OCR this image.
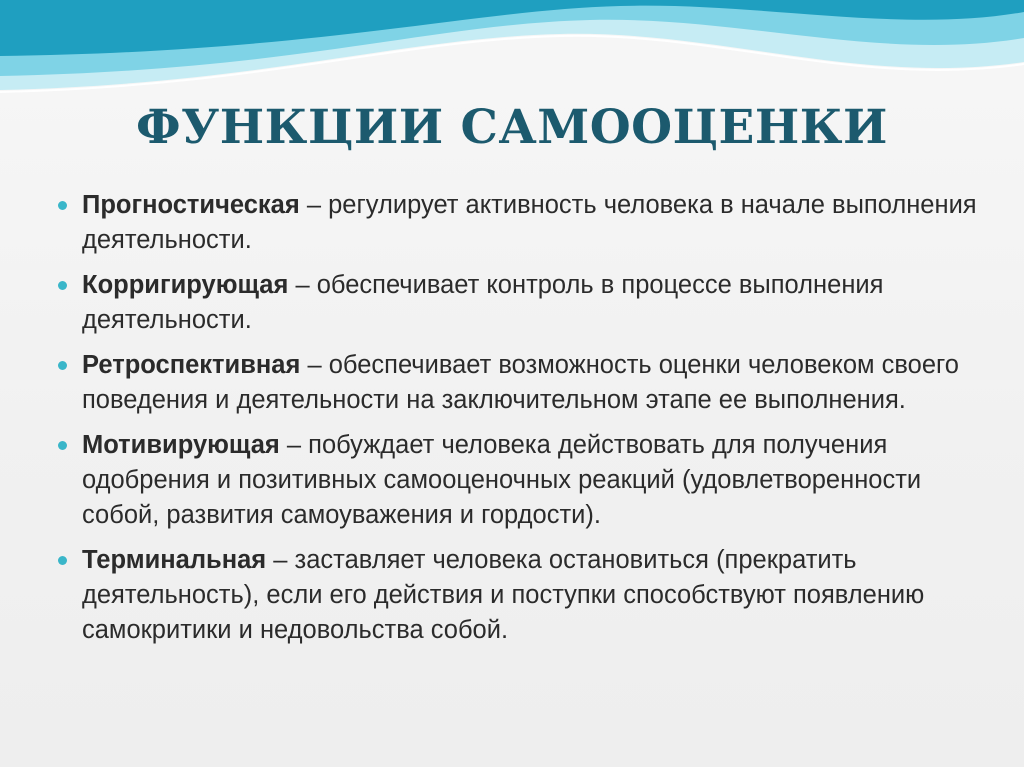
ФУНКЦИИ САМООЦЕНКИ
Прогностическая – регулирует активность человека в начале выполнения деятельности.
Корригирующая – обеспечивает контроль в процессе выполнения деятельности.
Ретроспективная – обеспечивает возможность оценки человеком своего поведения и деятельности на заключительном этапе ее выполнения.
Мотивирующая – побуждает человека действовать для получения одобрения и позитивных самооценочных реакций (удовлетворенности собой, развития самоуважения и гордости).
Терминальная – заставляет человека остановиться (прекратить деятельность), если его действия и поступки способствуют появлению самокритики и недовольства собой.
